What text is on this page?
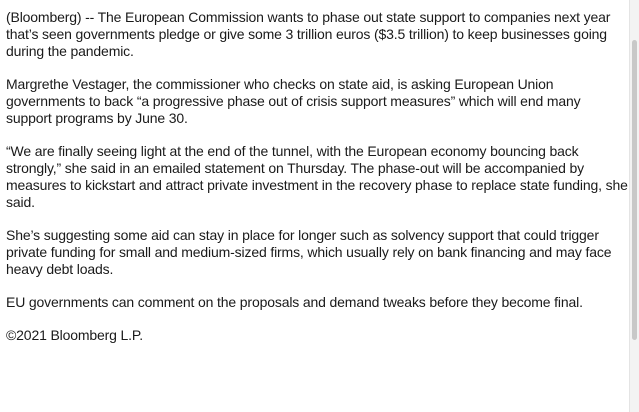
(Bloomberg) -- The European Commission wants to phase out state support to companies next year that’s seen governments pledge or give some 3 trillion euros ($3.5 trillion) to keep businesses going during the pandemic.

Margrethe Vestager, the commissioner who checks on state aid, is asking European Union governments to back “a progressive phase out of crisis support measures” which will end many support programs by June 30.

“We are finally seeing light at the end of the tunnel, with the European economy bouncing back strongly,” she said in an emailed statement on Thursday. The phase-out will be accompanied by measures to kickstart and attract private investment in the recovery phase to replace state funding, she said.

She’s suggesting some aid can stay in place for longer such as solvency support that could trigger private funding for small and medium-sized firms, which usually rely on bank financing and may face heavy debt loads.

EU governments can comment on the proposals and demand tweaks before they become final.

©2021 Bloomberg L.P.
